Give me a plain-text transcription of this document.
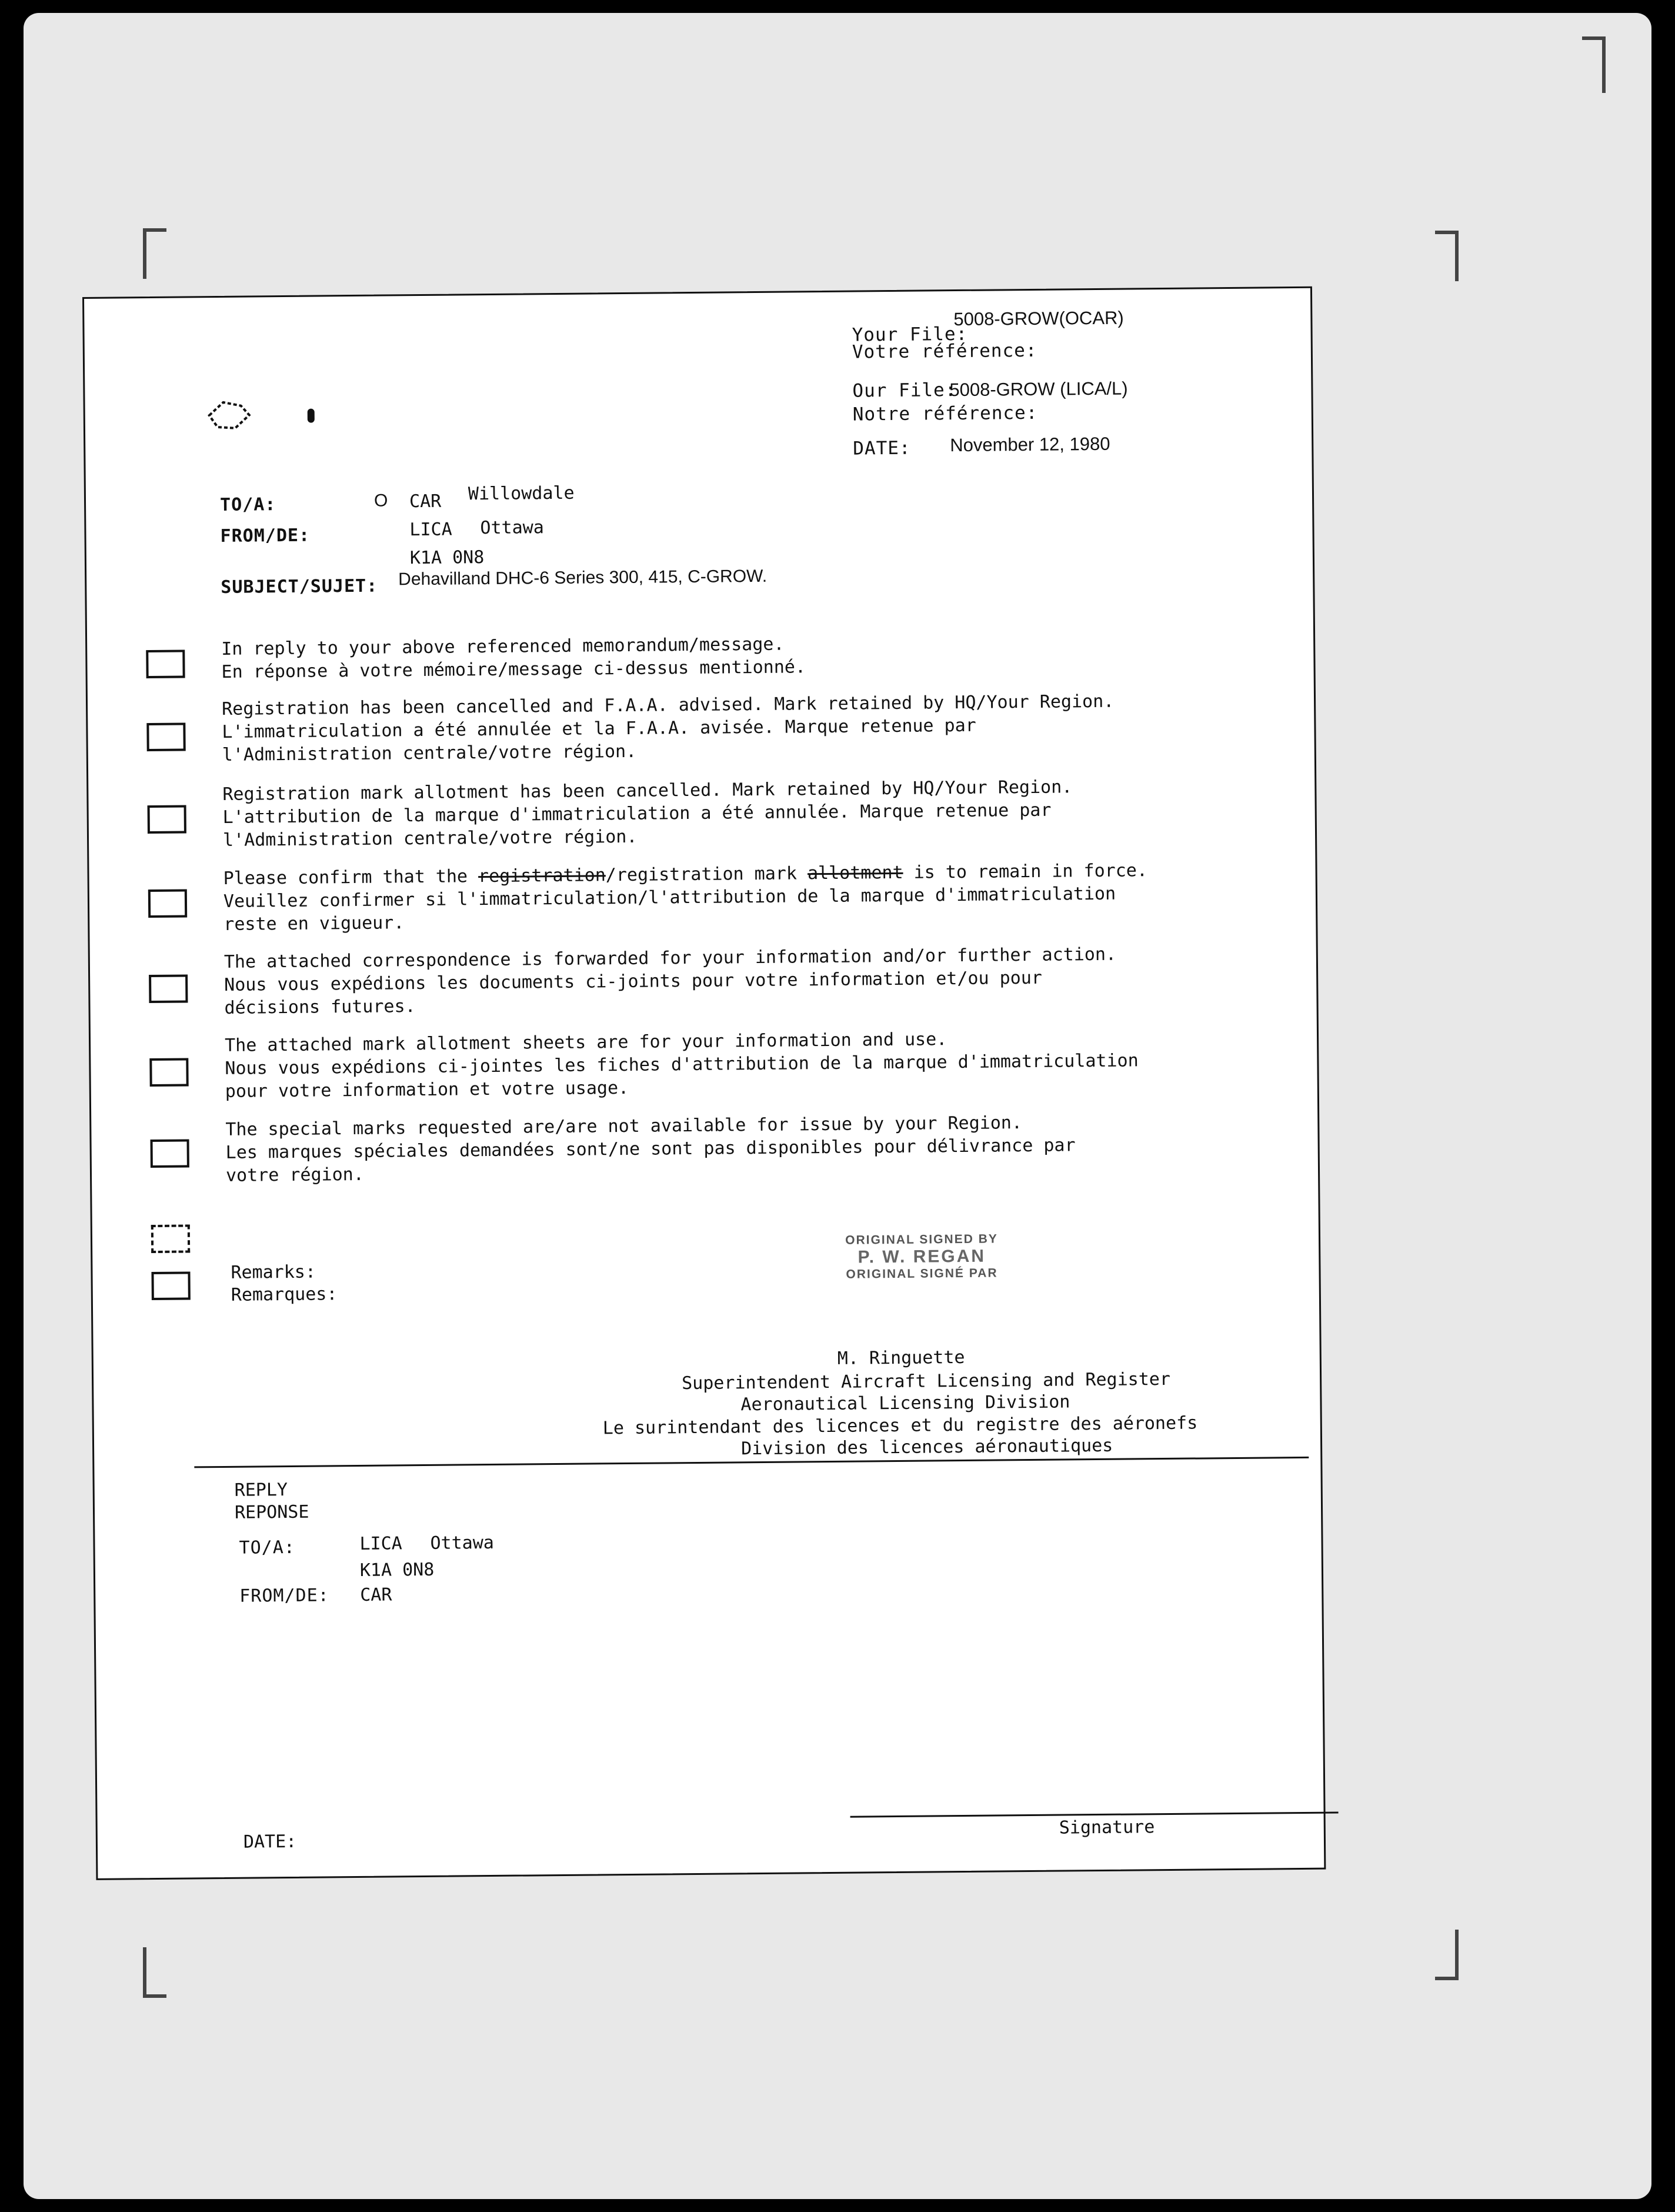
Your File:
5008-GROW(OCAR)
Votre référence:
Our File:
5008-GROW (LICA/L)
Notre référence:
DATE: November 12, 1980
TO/A:	O CAR Willowdale
FROM/DE:	LICA Ottawa
K1A 0N8
SUBJECT/SUJET: Dehavilland DHC-6 Series 300, 415, C-GROW.
In reply to your above referenced memorandum/message.
En réponse à votre mémoire/message ci-dessus mentionné.
Registration has been cancelled and F.A.A. advised. Mark retained by HQ/Your Region.
L'immatriculation a été annulée et la F.A.A. avisée. Marque retenue par
l'Administration centrale/votre région.
Registration mark allotment has been cancelled. Mark retained by HQ/Your Region.
L'attribution de la marque d'immatriculation a été annulée. Marque retenue par
l'Administration centrale/votre région.
Please confirm that the registration/registration mark allotment is to remain in force.
Veuillez confirmer si l'immatriculation/l'attribution de la marque d'immatriculation
reste en vigueur.
The attached correspondence is forwarded for your information and/or further action.
Nous vous expédions les documents ci-joints pour votre information et/ou pour
décisions futures.
The attached mark allotment sheets are for your information and use.
Nous vous expédions ci-jointes les fiches d'attribution de la marque d'immatriculation
pour votre information et votre usage.
The special marks requested are/are not available for issue by your Region.
Les marques spéciales demandées sont/ne sont pas disponibles pour délivrance par
votre région.
Remarks:
Remarques:
ORIGINAL SIGNED BY
P. W. REGAN
ORIGINAL SIGNÉ PAR
M. Ringuette
Superintendent Aircraft Licensing and Register
Aeronautical Licensing Division
Le surintendant des licences et du registre des aéronefs
Division des licences aéronautiques
REPLY
REPONSE
TO/A:	LICA Ottawa
K1A 0N8
FROM/DE: CAR
DATE:
Signature
